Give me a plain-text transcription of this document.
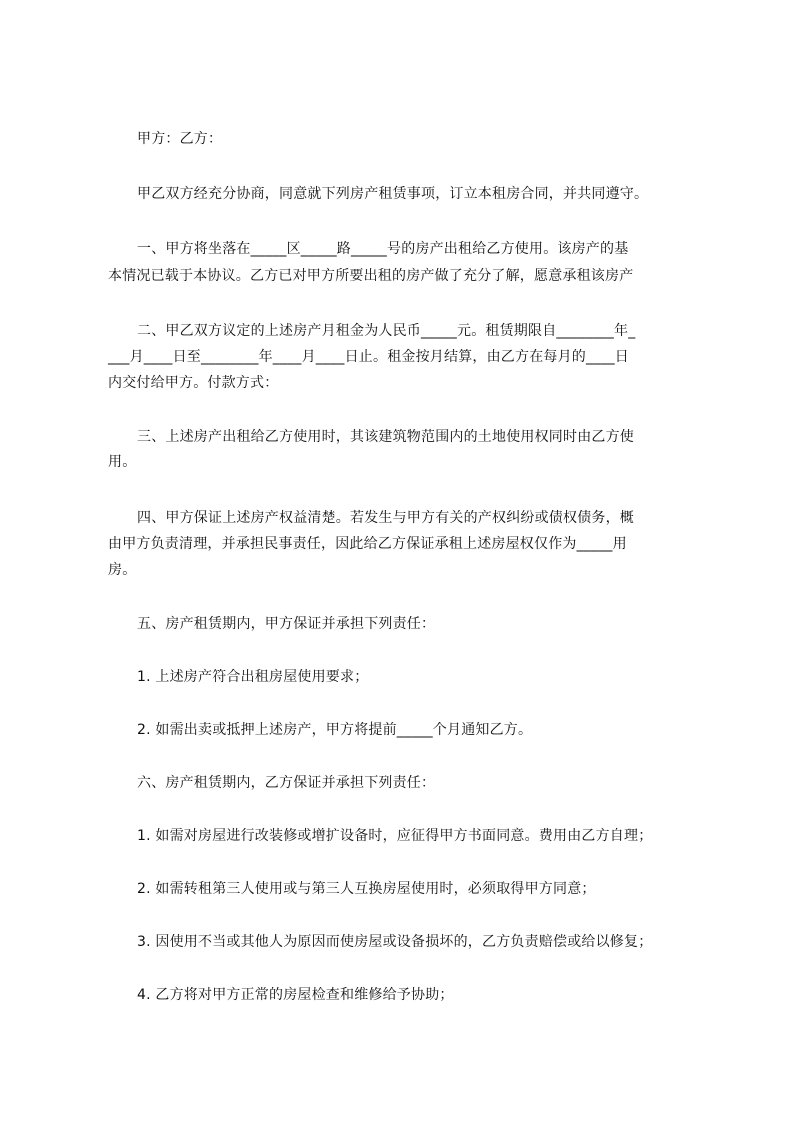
甲方：乙方：
甲乙双方经充分协商，同意就下列房产租赁事项，订立本租房合同，并共同遵守。
一、甲方将坐落在_____区_____路_____号的房产出租给乙方使用。该房产的基
本情况已载于本协议。乙方已对甲方所要出租的房产做了充分了解，愿意承租该房产
二、甲乙双方议定的上述房产月租金为人民币_____元。租赁期限自________年_
___月____日至________年____月____日止。租金按月结算，由乙方在每月的____日
内交付给甲方。付款方式：
三、上述房产出租给乙方使用时，其该建筑物范围内的土地使用权同时由乙方使
用。
四、甲方保证上述房产权益清楚。若发生与甲方有关的产权纠纷或债权债务，概
由甲方负责清理，并承担民事责任，因此给乙方保证承租上述房屋权仅作为_____用
房。
五、房产租赁期内，甲方保证并承担下列责任：
1. 上述房产符合出租房屋使用要求；
2. 如需出卖或抵押上述房产，甲方将提前_____个月通知乙方。
六、房产租赁期内，乙方保证并承担下列责任：
1. 如需对房屋进行改装修或增扩设备时，应征得甲方书面同意。费用由乙方自理；
2. 如需转租第三人使用或与第三人互换房屋使用时，必须取得甲方同意；
3. 因使用不当或其他人为原因而使房屋或设备损坏的，乙方负责赔偿或给以修复；
4. 乙方将对甲方正常的房屋检查和维修给予协助；
